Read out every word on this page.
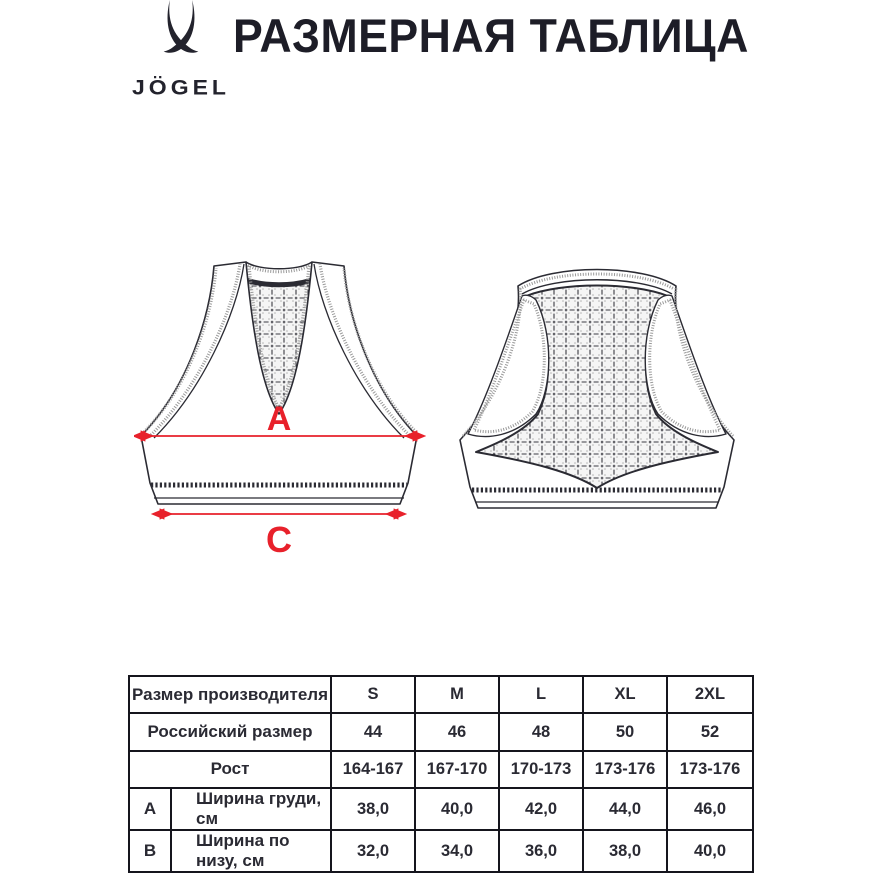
JÖGEL
РАЗМЕРНАЯ ТАБЛИЦА
A
C
Размер производителя		S	M	L	XL	2XL
Российский размер		44	46	48	50	52
Рост		164-167	167-170	170-173	173-176	173-176
A	Ширина груди, см	38,0	40,0	42,0	44,0	46,0
B	Ширина по низу, см	32,0	34,0	36,0	38,0	40,0
